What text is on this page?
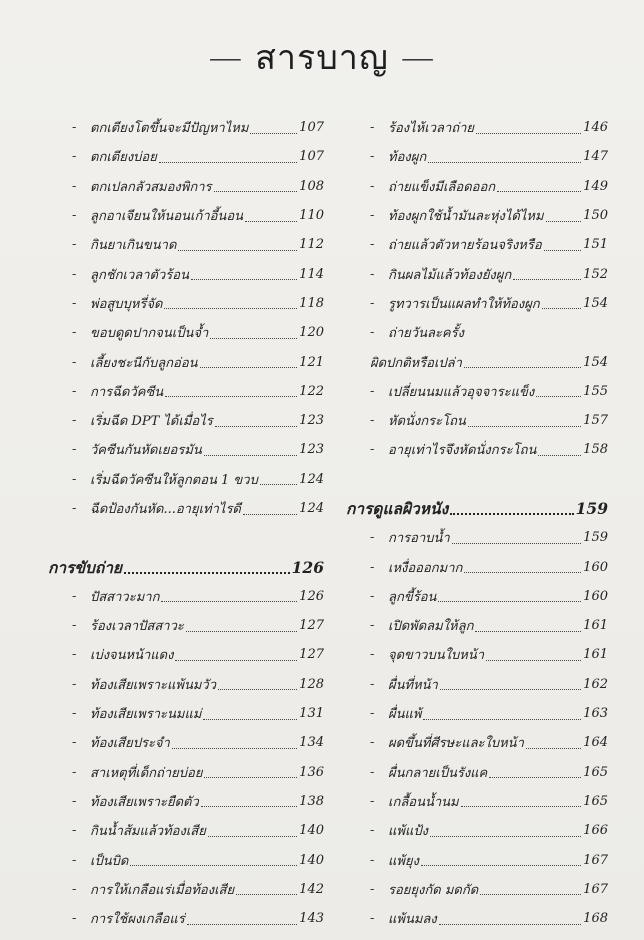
— สารบาญ —
-	ตกเตียงโตขึ้นจะมีปัญหาไหม	107
-	ตกเตียงบ่อย	107
-	ตกเปลกลัวสมองพิการ	108
-	ลูกอาเจียนให้นอนเก้าอี้นอน	110
-	กินยาเกินขนาด	112
-	ลูกชักเวลาตัวร้อน	114
-	พ่อสูบบุหรี่จัด	118
-	ขอบดูดปากจนเป็นจ้ำ	120
-	เลี้ยงชะนีกับลูกอ่อน	121
-	การฉีดวัคซีน	122
-	เริ่มฉีด DPT ได้เมื่อไร	123
-	วัคซีนกันหัดเยอรมัน	123
-	เริ่มฉีดวัคซีนให้ลูกตอน 1 ขวบ	124
-	ฉีดป้องกันหัด...อายุเท่าไรดี	124
การขับถ่าย	126
-	ปัสสาวะมาก	126
-	ร้องเวลาปัสสาวะ	127
-	เบ่งจนหน้าแดง	127
-	ท้องเสียเพราะแพ้นมวัว	128
-	ท้องเสียเพราะนมแม่	131
-	ท้องเสียประจำ	134
-	สาเหตุที่เด็กถ่ายบ่อย	136
-	ท้องเสียเพราะยืดตัว	138
-	กินน้ำส้มแล้วท้องเสีย	140
-	เป็นบิด	140
-	การให้เกลือแร่เมื่อท้องเสีย	142
-	การใช้ผงเกลือแร่	143
-	ร้องไห้เวลาถ่าย	146
-	ท้องผูก	147
-	ถ่ายแข็งมีเลือดออก	149
-	ท้องผูกใช้น้ำมันละหุ่งได้ไหม	150
-	ถ่ายแล้วตัวหายร้อนจริงหรือ	151
-	กินผลไม้แล้วท้องยังผูก	152
-	รูทวารเป็นแผลทำให้ท้องผูก	154
-	ถ่ายวันละครั้ง
ผิดปกติหรือเปล่า	154
-	เปลี่ยนนมแล้วอุจจาระแข็ง	155
-	หัดนั่งกระโถน	157
-	อายุเท่าไรจึงหัดนั่งกระโถน	158
การดูแลผิวหนัง	159
-	การอาบน้ำ	159
-	เหงื่อออกมาก	160
-	ลูกขี้ร้อน	160
-	เปิดพัดลมให้ลูก	161
-	จุดขาวบนใบหน้า	161
-	ผื่นที่หน้า	162
-	ผื่นแพ้	163
-	ผดขึ้นที่ศีรษะและใบหน้า	164
-	ผื่นกลายเป็นรังแค	165
-	เกลื้อนน้ำนม	165
-	แพ้แป้ง	166
-	แพ้ยุง	167
-	รอยยุงกัด มดกัด	167
-	แพ้นมลง	168
